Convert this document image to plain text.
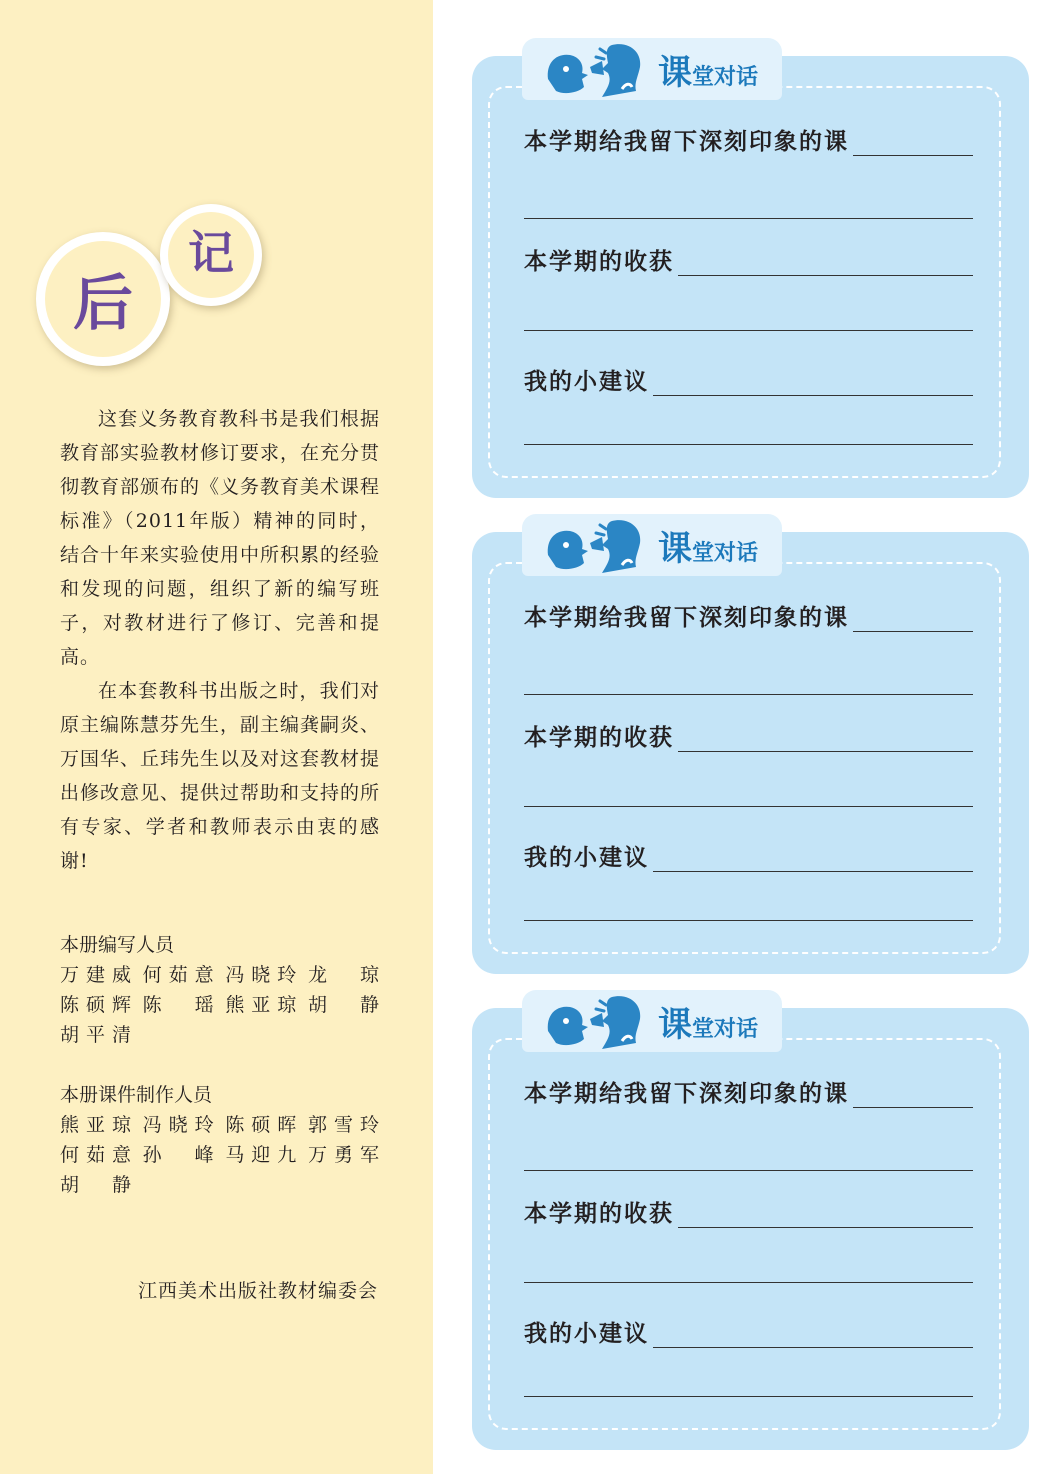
后
记

这套义务教育教科书是我们根据教育部实验教材修订要求，在充分贯彻教育部颁布的《义务教育美术课程标准》（2011年版）精神的同时，结合十年来实验使用中所积累的经验和发现的问题，组织了新的编写班子，对教材进行了修订、完善和提高。

在本套教科书出版之时，我们对原主编陈慧芬先生，副主编龚嗣炎、万国华、丘玮先生以及对这套教材提出修改意见、提供过帮助和支持的所有专家、学者和教师表示由衷的感谢!

本册编写人员
万建威 何茹意 冯晓玲 龙　琼
陈硕辉 陈　瑶 熊亚琼 胡　静
胡平清
本册课件制作人员
熊亚琼 冯晓玲 陈硕晖 郭雪玲
何茹意 孙　峰 马迎九 万勇军
胡　静
江西美术出版社教材编委会
课 堂对话
本学期给我留下深刻印象的课
本学期的收获
我的小建议
课 堂对话
本学期给我留下深刻印象的课
本学期的收获
我的小建议
课 堂对话
本学期给我留下深刻印象的课
本学期的收获
我的小建议
